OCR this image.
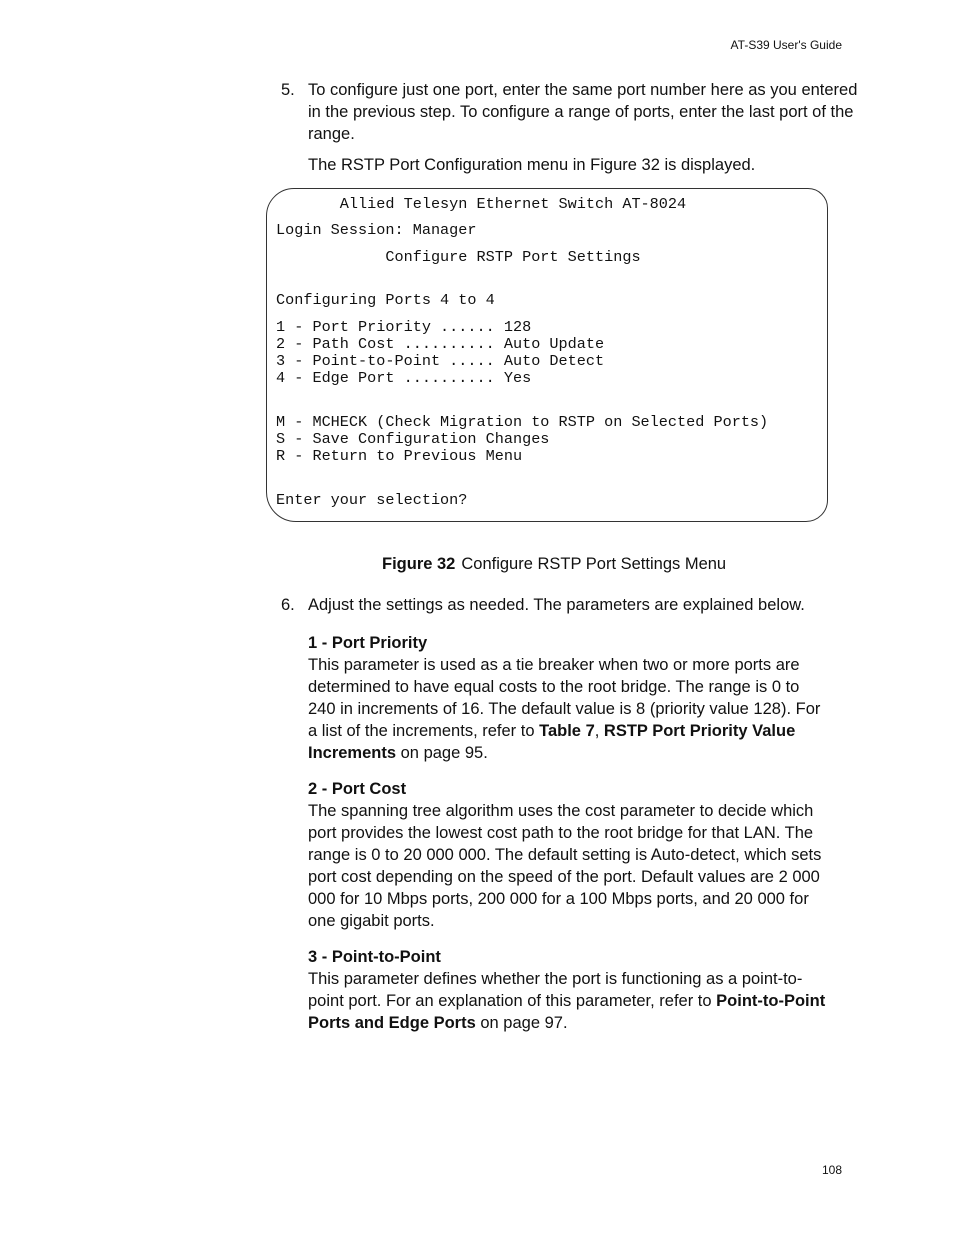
AT-S39 User's Guide
5. To configure just one port, enter the same port number here as you entered in the previous step. To configure a range of ports, enter the last port of the range.
The RSTP Port Configuration menu in Figure 32 is displayed.
Allied Telesyn Ethernet Switch AT-8024
Login Session: Manager
Configure RSTP Port Settings
Configuring Ports 4 to 4
1 - Port Priority ...... 128
2 - Path Cost .......... Auto Update
3 - Point-to-Point ..... Auto Detect
4 - Edge Port .......... Yes
M - MCHECK (Check Migration to RSTP on Selected Ports)
S - Save Configuration Changes
R - Return to Previous Menu
Enter your selection?
Figure 32 Configure RSTP Port Settings Menu
6. Adjust the settings as needed. The parameters are explained below.
1 - Port Priority
This parameter is used as a tie breaker when two or more ports are determined to have equal costs to the root bridge. The range is 0 to 240 in increments of 16. The default value is 8 (priority value 128). For a list of the increments, refer to Table 7, RSTP Port Priority Value Increments on page 95.
2 - Port Cost
The spanning tree algorithm uses the cost parameter to decide which port provides the lowest cost path to the root bridge for that LAN. The range is 0 to 20 000 000. The default setting is Auto-detect, which sets port cost depending on the speed of the port. Default values are 2 000 000 for 10 Mbps ports, 200 000 for a 100 Mbps ports, and 20 000 for one gigabit ports.
3 - Point-to-Point
This parameter defines whether the port is functioning as a point-to-point port. For an explanation of this parameter, refer to Point-to-Point Ports and Edge Ports on page 97.
108
